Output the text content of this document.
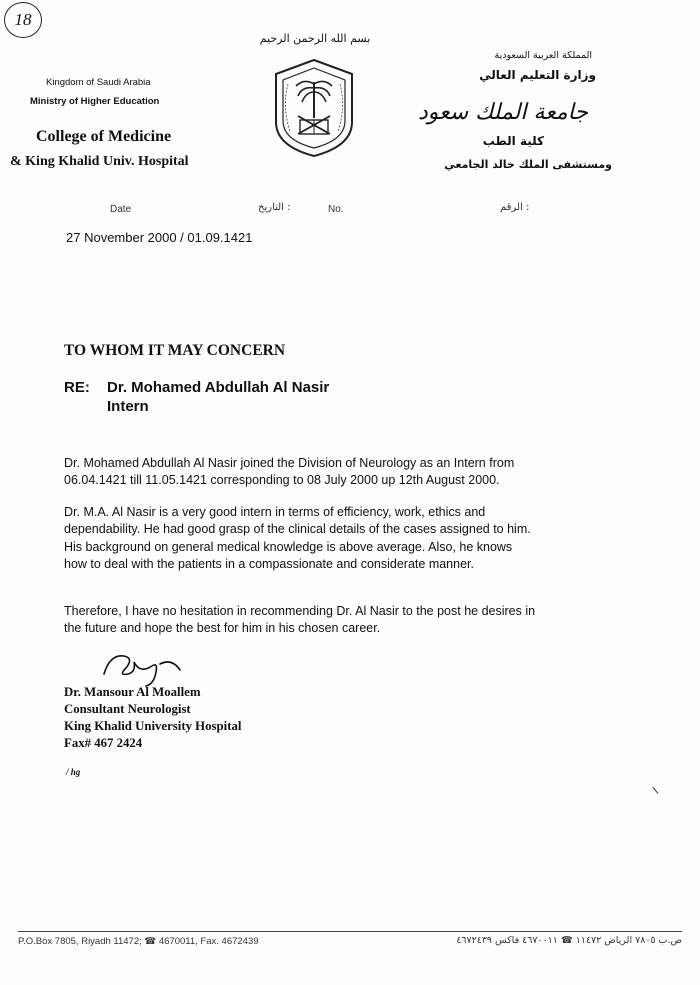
18
بسم الله الرحمن الرحيم
Kingdom of Saudi Arabia
Ministry of Higher Education
College of Medicine
& King Khalid Univ. Hospital
المملكة العربية السعودية
وزارة التعليم العالي
جامعة الملك سعود
كلية الطب
ومستشفى الملك خالد الجامعي
Date	: التاريخ	No.	: الرقم
27 November 2000 / 01.09.1421
TO WHOM IT MAY CONCERN
RE: Dr. Mohamed Abdullah Al Nasir
Intern
Dr. Mohamed Abdullah Al Nasir joined the Division of Neurology as an Intern from
06.04.1421 till 11.05.1421 corresponding to 08 July 2000 up 12th August 2000.
Dr. M.A. Al Nasir is a very good intern in terms of efficiency, work, ethics and
dependability. He had good grasp of the clinical details of the cases assigned to him.
His background on general medical knowledge is above average. Also, he knows
how to deal with the patients in a compassionate and considerate manner.
Therefore, I have no hesitation in recommending Dr. Al Nasir to the post he desires in
the future and hope the best for him in his chosen career.
Dr. Mansour Al Moallem
Consultant Neurologist
King Khalid University Hospital
Fax# 467 2424
/ hg
P.O.Box 7805, Riyadh 11472; ☎ 4670011, Fax. 4672439	ص.ب ٧٨٠٥ الرياض ١١٤٧٢ ☎ ٤٦٧٠٠١١ فاكس ٤٦٧٢٤٣٩
